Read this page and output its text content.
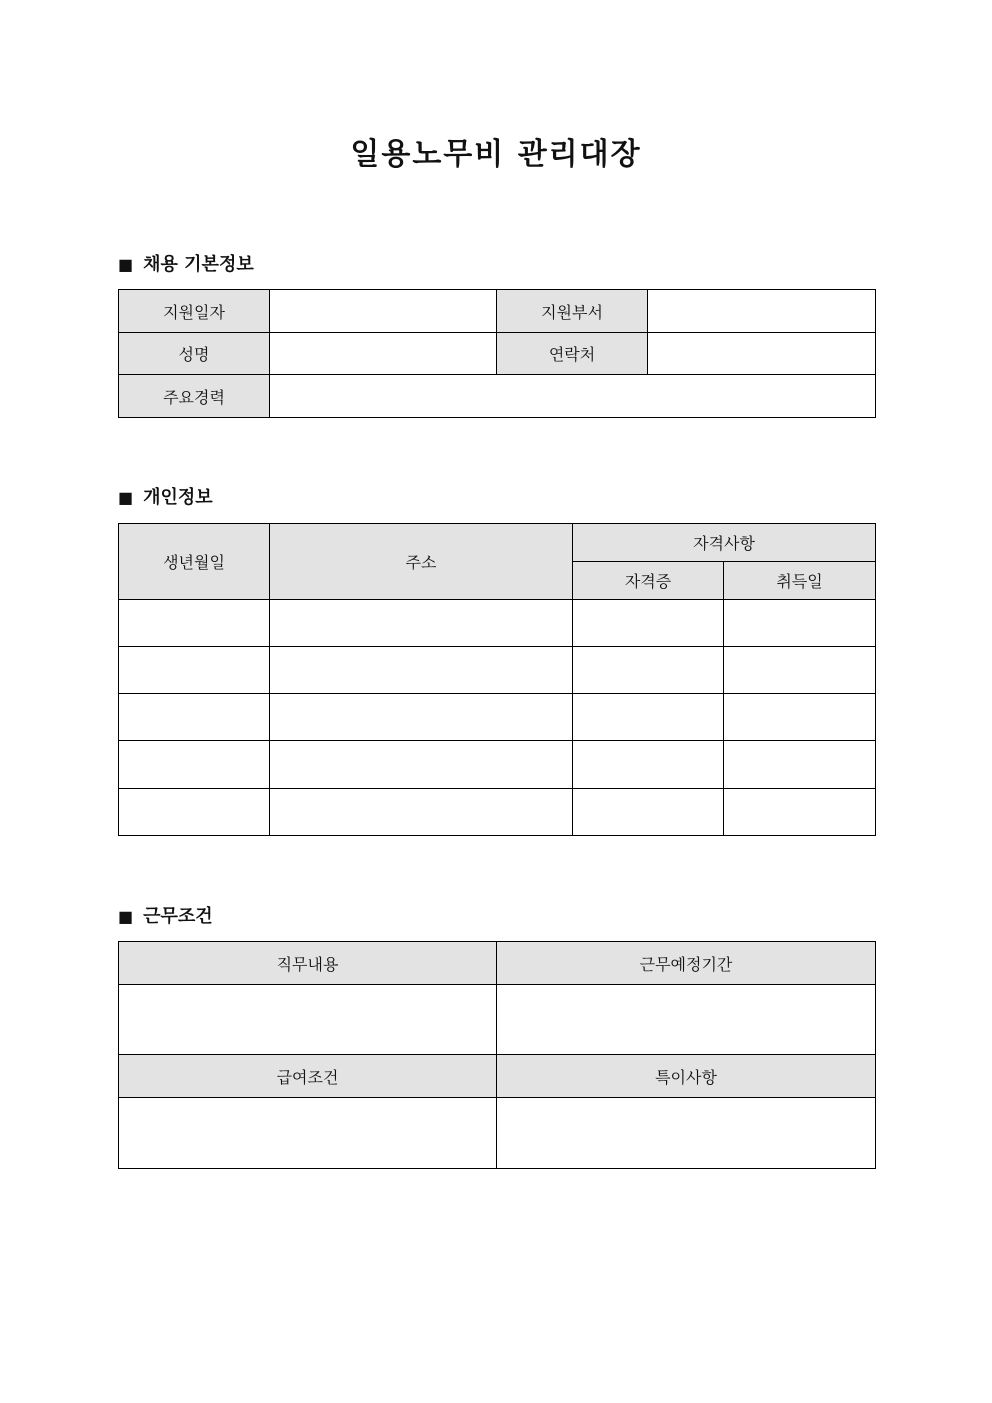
일용노무비 관리대장
■ 채용 기본정보
지원일자		지원부서	
성명		연락처	
주요경력			
■ 개인정보
생년월일	주소	자격사항	
		자격증	취득일

■ 근무조건
직무내용	근무예정기간

급여조건	특이사항
